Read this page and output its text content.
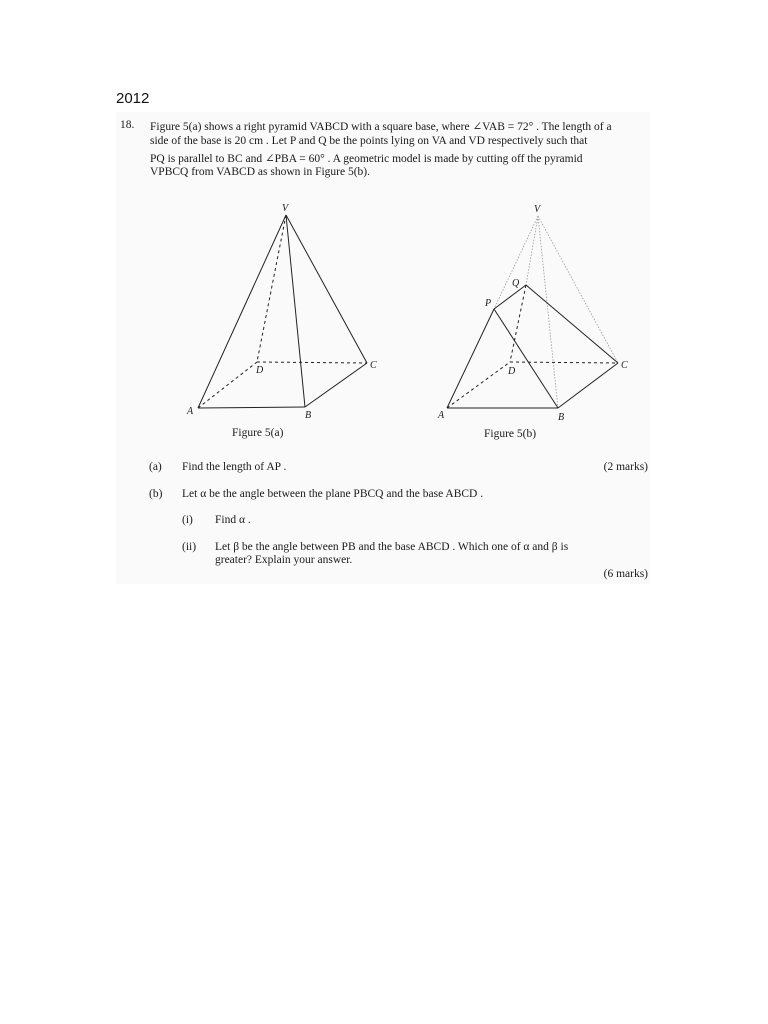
2012
18. Figure 5(a) shows a right pyramid VABCD with a square base, where ∠VAB = 72° . The length of a
side of the base is 20 cm . Let P and Q be the points lying on VA and VD respectively such that
PQ is parallel to BC and ∠PBA = 60° . A geometric model is made by cutting off the pyramid
VPBCQ from VABCD as shown in Figure 5(b).
V
A	B
C
D
Figure 5(a)
V
Q
P
A	B
C
D
Figure 5(b)
(a) Find the length of AP .	(2 marks)
(b) Let α be the angle between the plane PBCQ and the base ABCD .
(i) Find α .
(ii) Let β be the angle between PB and the base ABCD . Which one of α and β is
greater? Explain your answer.
(6 marks)
